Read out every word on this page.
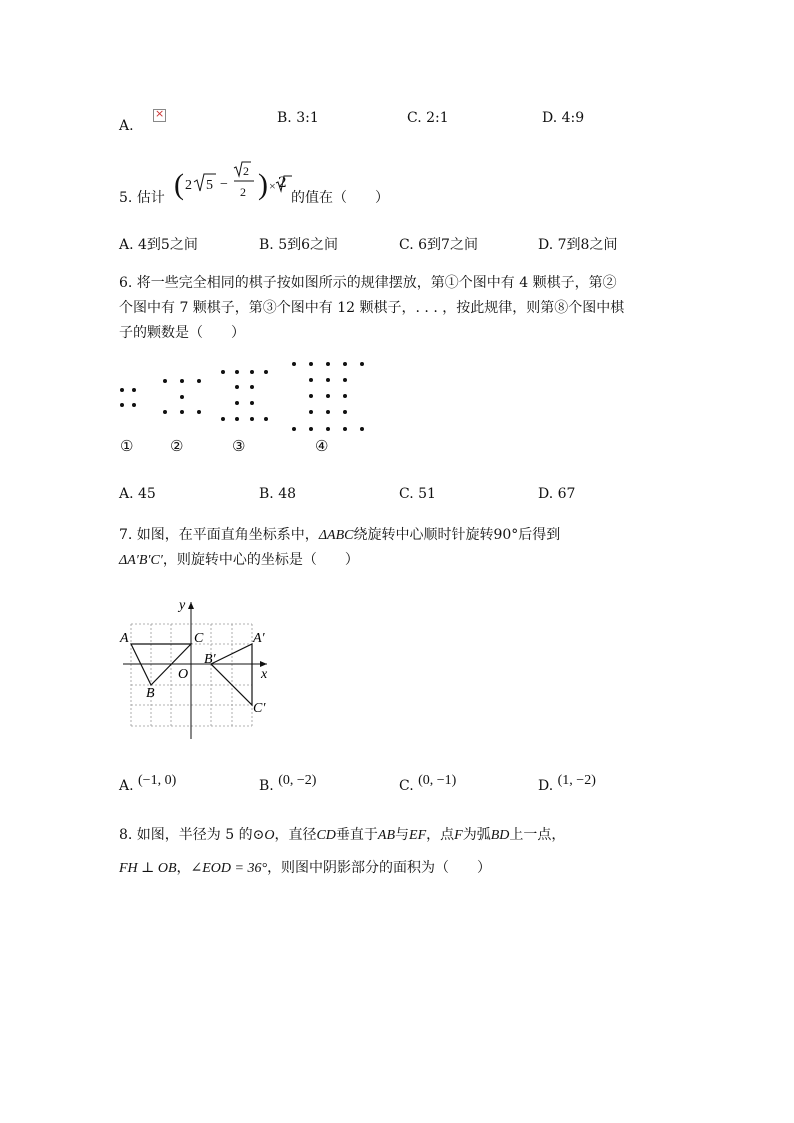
A.
×	B. 3:1	C. 2:1	D. 4:9
5. 估计 ( 2 5 −
2
2 ) × 2
的值在（　　）
A. 4到5之间	B. 5到6之间	C. 6到7之间	D. 7到8之间
6. 将一些完全相同的棋子按如图所示的规律摆放，第①个图中有 4 颗棋子，第②
个图中有 7 颗棋子，第③个图中有 12 颗棋子，. . . ，按此规律，则第⑧个图中棋
子的颗数是（　　）
① ②	③	④
A. 45	B. 48	C. 51	D. 67
7. 如图，在平面直角坐标系中，ΔABC绕旋转中心顺时针旋转90°后得到
ΔA′B′C′，则旋转中心的坐标是（　　）
A	C
B
O
B′
A′
C′
x
y
A. (−1, 0)	B. (0, −2)	C. (0, −1)	D. (1, −2)
8. 如图，半径为 5 的⊙O，直径CD垂直于AB与EF，点F为弧BD上一点，
FH ⊥ OB，∠EOD = 36°，则图中阴影部分的面积为（　　）
